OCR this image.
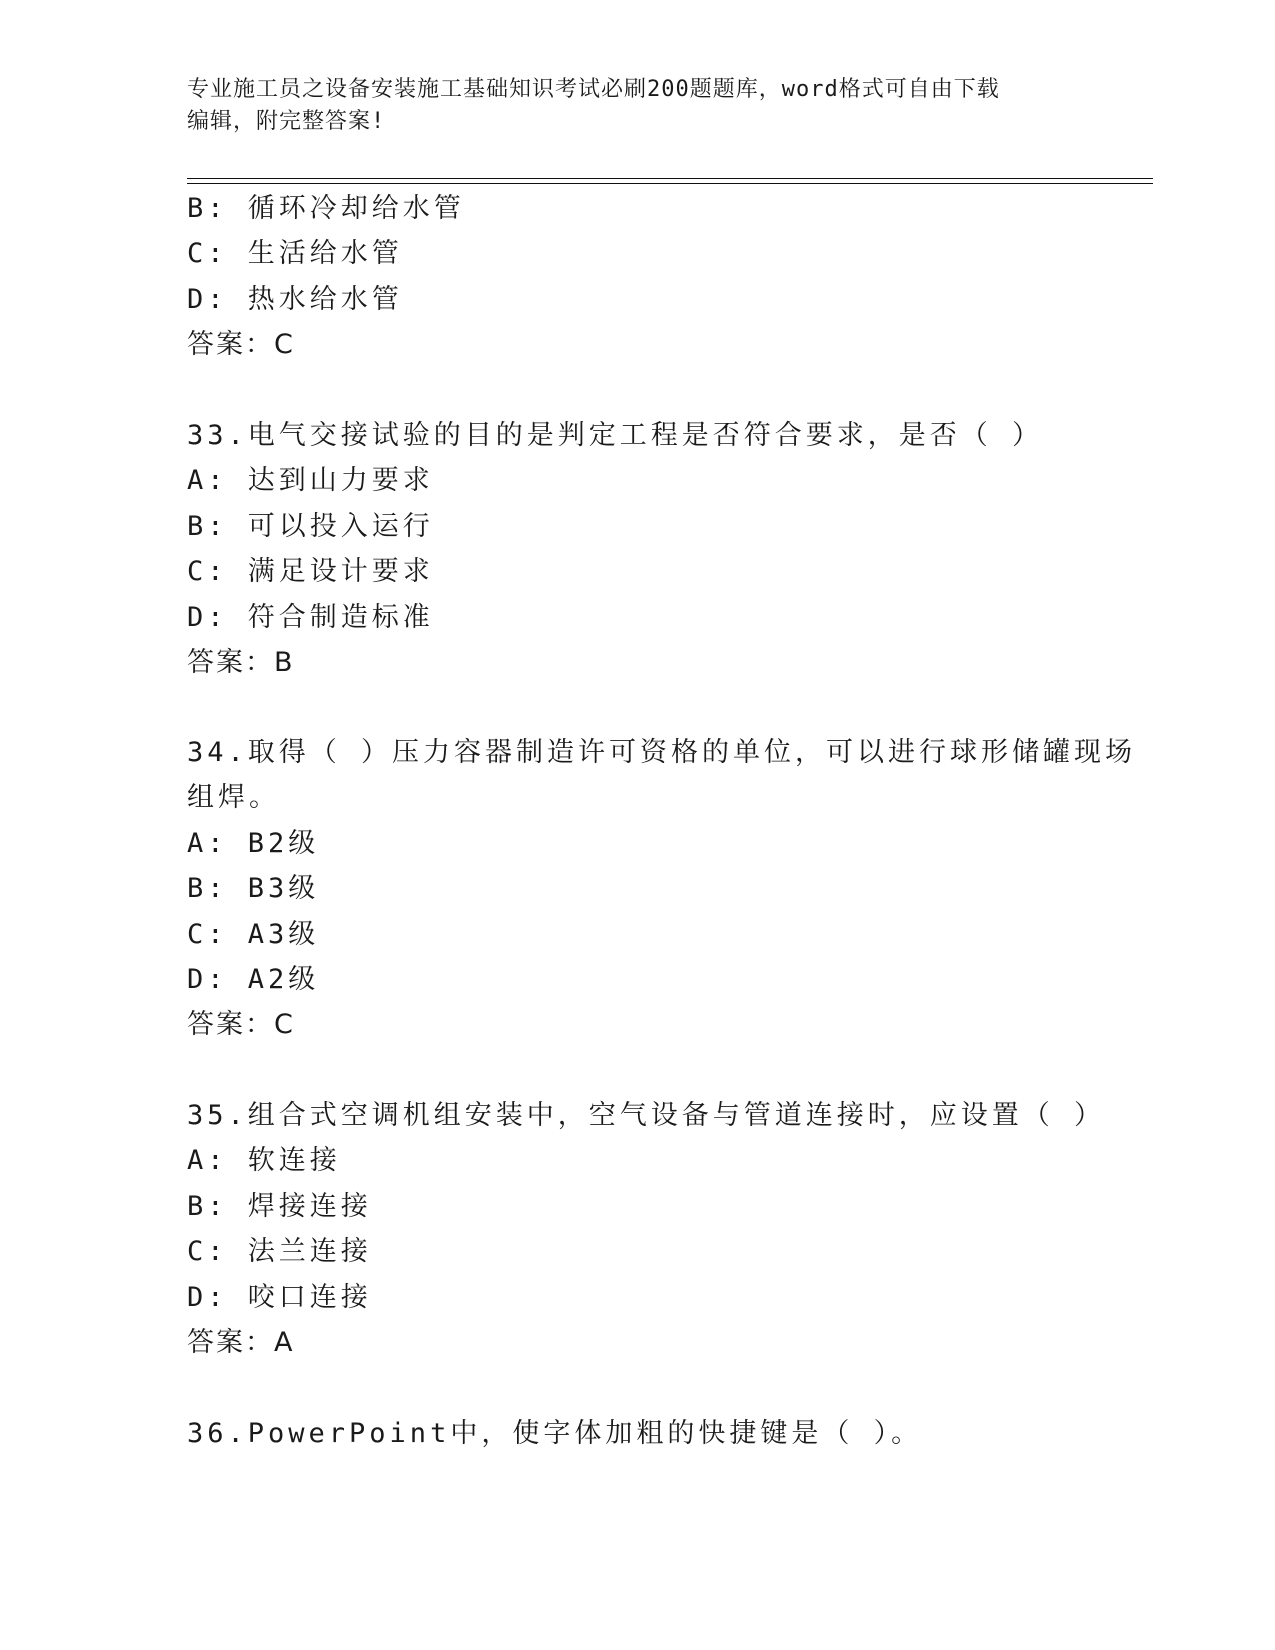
专业施工员之设备安装施工基础知识考试必刷200题题库，word格式可自由下载
编辑，附完整答案!
B: 循环冷却给水管
C: 生活给水管
D: 热水给水管
答案：C
33.电气交接试验的目的是判定工程是否符合要求，是否（ ）
A: 达到山力要求
B: 可以投入运行
C: 满足设计要求
D: 符合制造标准
答案：B
34.取得（ ）压力容器制造许可资格的单位，可以进行球形储罐现场
组焊。
A: B2级
B: B3级
C: A3级
D: A2级
答案：C
35.组合式空调机组安装中，空气设备与管道连接时，应设置（ ）
A: 软连接
B: 焊接连接
C: 法兰连接
D: 咬口连接
答案：A
36.PowerPoint中，使字体加粗的快捷键是（ ）。
